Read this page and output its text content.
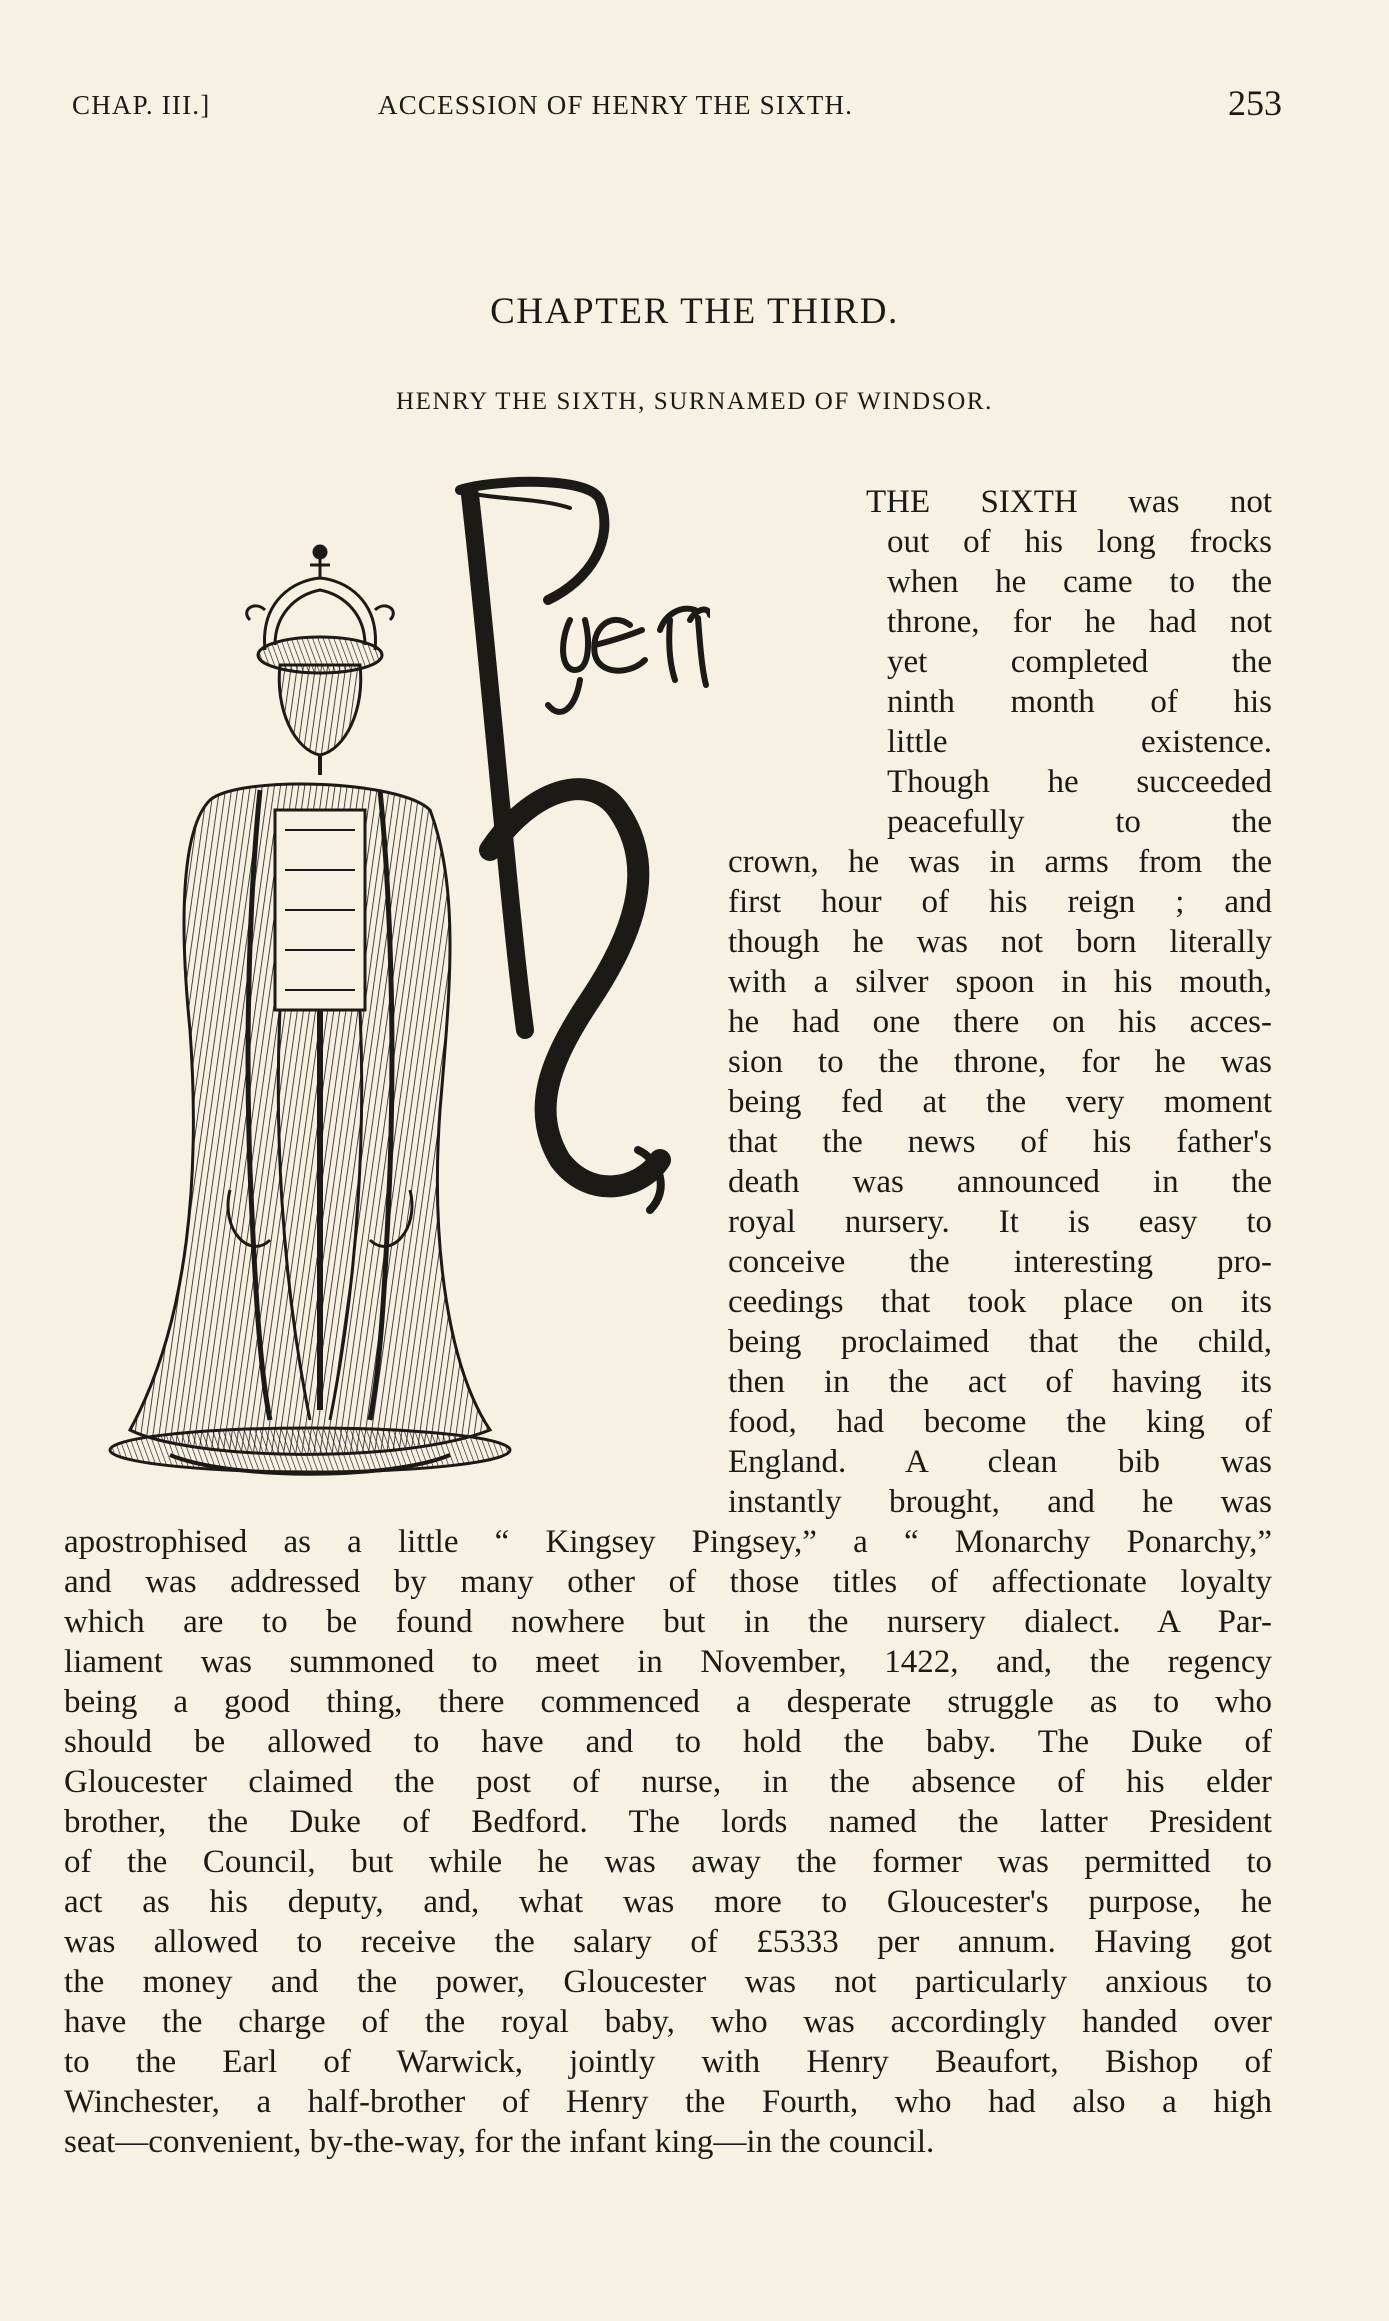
CHAP. III.]	ACCESSION OF HENRY THE SIXTH.	253
CHAPTER THE THIRD.
HENRY THE SIXTH, SURNAMED OF WINDSOR.
THE SIXTH was not
out of his long frocks
when he came to the
throne, for he had not
yet completed the
ninth month of his
little existence.
Though he succeeded
peacefully to the
crown, he was in arms from the
first hour of his reign ; and
though he was not born literally
with a silver spoon in his mouth,
he had one there on his acces-
sion to the throne, for he was
being fed at the very moment
that the news of his father's
death was announced in the
royal nursery. It is easy to
conceive the interesting pro-
ceedings that took place on its
being proclaimed that the child,
then in the act of having its
food, had become the king of
England. A clean bib was
instantly brought, and he was
apostrophised as a little “ Kingsey Pingsey,” a “ Monarchy Ponarchy,”
and was addressed by many other of those titles of affectionate loyalty
which are to be found nowhere but in the nursery dialect. A Par-
liament was summoned to meet in November, 1422, and, the regency
being a good thing, there commenced a desperate struggle as to who
should be allowed to have and to hold the baby. The Duke of
Gloucester claimed the post of nurse, in the absence of his elder
brother, the Duke of Bedford. The lords named the latter President
of the Council, but while he was away the former was permitted to
act as his deputy, and, what was more to Gloucester's purpose, he
was allowed to receive the salary of £5333 per annum. Having got
the money and the power, Gloucester was not particularly anxious to
have the charge of the royal baby, who was accordingly handed over
to the Earl of Warwick, jointly with Henry Beaufort, Bishop of
Winchester, a half-brother of Henry the Fourth, who had also a high
seat—convenient, by-the-way, for the infant king—in the council.
